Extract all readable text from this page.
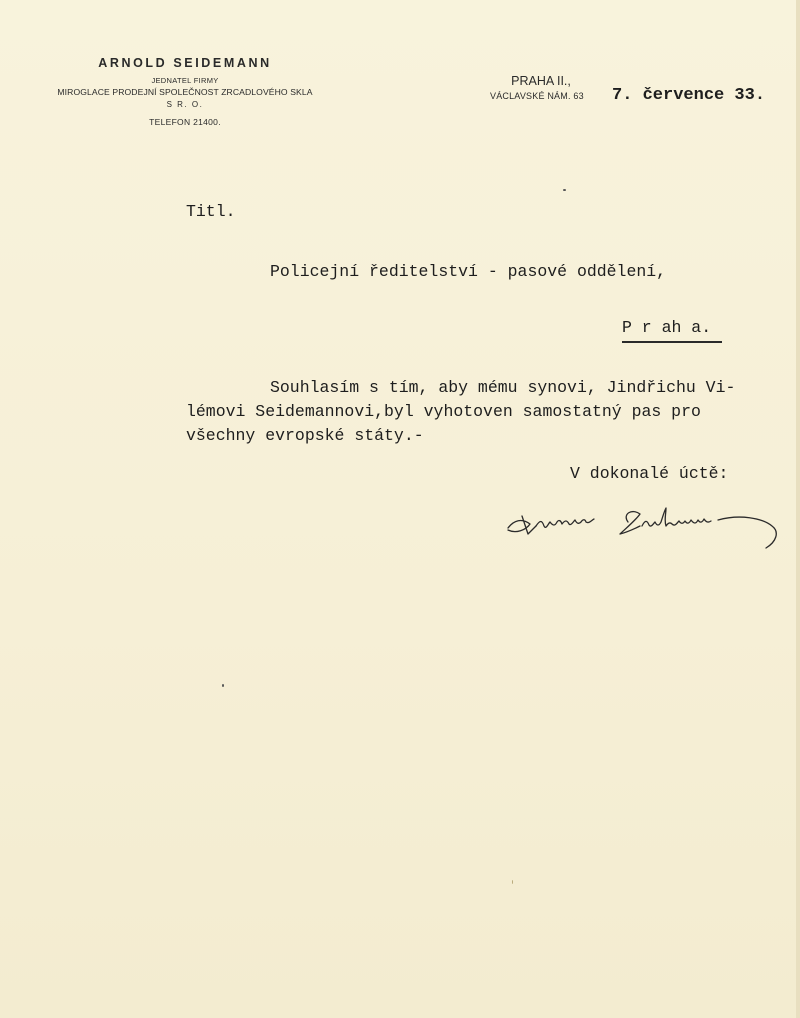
ARNOLD SEIDEMANN
JEDNATEL FIRMY
MIROGLACE PRODEJNÍ SPOLEČNOST ZRCADLOVÉHO SKLA
S R. O.
TELEFON 21400.
PRAHA II.,
VÁCLAVSKÉ NÁM. 63	7. července 33.
Titl.
Policejní ředitelství - pasové oddělení,
P r ah a.
Souhlasím s tím, aby mému synovi, Jindřichu Vi-
lémovi Seidemannovi,byl vyhotoven samostatný pas pro
všechny evropské státy.-
V dokonalé úctě:
